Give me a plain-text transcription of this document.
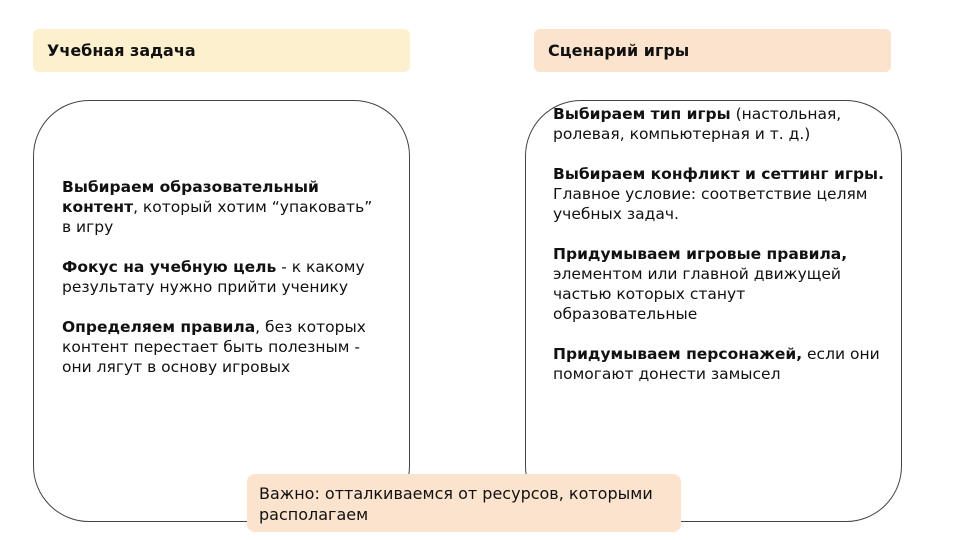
Учебная задача	Сценарий игры

Выбираем образовательный контент, который хотим “упаковать” в игру

Фокус на учебную цель - к какому результату нужно прийти ученику

Определяем правила, без которых контент перестает быть полезным - они лягут в основу игровых

Выбираем тип игры (настольная, ролевая, компьютерная и т. д.)

Выбираем конфликт и сеттинг игры. Главное условие: соответствие целям учебных задач.

Придумываем игровые правила, элементом или главной движущей частью которых станут образовательные

Придумываем персонажей, если они помогают донести замысел

Важно: отталкиваемся от ресурсов, которыми располагаем
